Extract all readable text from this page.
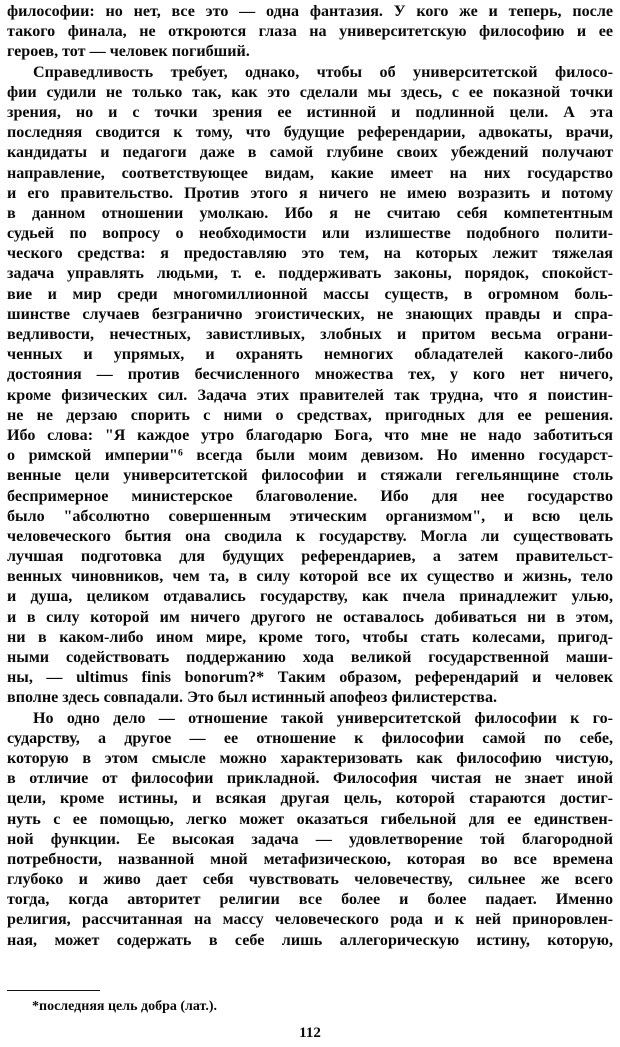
философии: но нет, все это — одна фантазия. У кого же и теперь, после
такого финала, не откроются глаза на университетскую философию и ее
героев, тот — человек погибший.
Справедливость требует, однако, чтобы об университетской филосо-
фии судили не только так, как это сделали мы здесь, с ее показной точки
зрения, но и с точки зрения ее истинной и подлинной цели. А эта
последняя сводится к тому, что будущие референдарии, адвокаты, врачи,
кандидаты и педагоги даже в самой глубине своих убеждений получают
направление, соответствующее видам, какие имеет на них государство
и его правительство. Против этого я ничего не имею возразить и потому
в данном отношении умолкаю. Ибо я не считаю себя компетентным
судьей по вопросу о необходимости или излишестве подобного полити-
ческого средства: я предоставляю это тем, на которых лежит тяжелая
задача управлять людьми, т. е. поддерживать законы, порядок, спокойст-
вие и мир среди многомиллионной массы существ, в огромном боль-
шинстве случаев безгранично эгоистических, не знающих правды и спра-
ведливости, нечестных, завистливых, злобных и притом весьма ограни-
ченных и упрямых, и охранять немногих обладателей какого-либо
достояния — против бесчисленного множества тех, у кого нет ничего,
кроме физических сил. Задача этих правителей так трудна, что я поистин-
не не дерзаю спорить с ними о средствах, пригодных для ее решения.
Ибо слова: "Я каждое утро благодарю Бога, что мне не надо заботиться
о римской империи"⁶ всегда были моим девизом. Но именно государст-
венные цели университетской философии и стяжали гегельянщине столь
беспримерное министерское благоволение. Ибо для нее государство
было "абсолютно совершенным этическим организмом", и всю цель
человеческого бытия она сводила к государству. Могла ли существовать
лучшая подготовка для будущих референдариев, а затем правительст-
венных чиновников, чем та, в силу которой все их существо и жизнь, тело
и душа, целиком отдавались государству, как пчела принадлежит улью,
и в силу которой им ничего другого не оставалось добиваться ни в этом,
ни в каком-либо ином мире, кроме того, чтобы стать колесами, пригод-
ными содействовать поддержанию хода великой государственной маши-
ны, — ultimus finis bonorum?* Таким образом, референдарий и человек
вполне здесь совпадали. Это был истинный апофеоз филистерства.
Но одно дело — отношение такой университетской философии к го-
сударству, а другое — ее отношение к философии самой по себе,
которую в этом смысле можно характеризовать как философию чистую,
в отличие от философии прикладной. Философия чистая не знает иной
цели, кроме истины, и всякая другая цель, которой стараются достиг-
нуть с ее помощью, легко может оказаться гибельной для ее единствен-
ной функции. Ее высокая задача — удовлетворение той благородной
потребности, названной мной метафизическою, которая во все времена
глубоко и живо дает себя чувствовать человечеству, сильнее же всего
тогда, когда авторитет религии все более и более падает. Именно
религия, рассчитанная на массу человеческого рода и к ней приноровлен-
ная, может содержать в себе лишь аллегорическую истину, которую,
*последняя цель добра (лат.).
112
